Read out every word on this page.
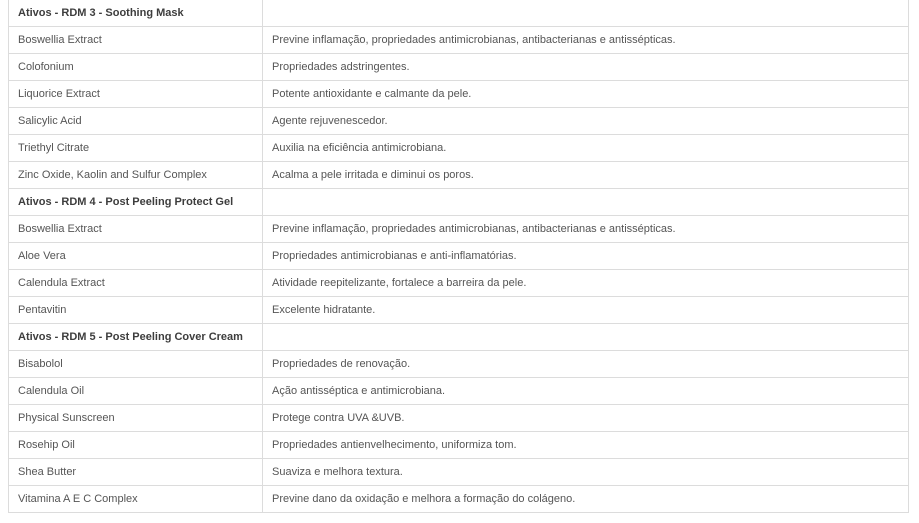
Ativos - RDM 3 - Soothing Mask	
Boswellia Extract	Previne inflamação, propriedades antimicrobianas, antibacterianas e antissépticas.
Colofonium	Propriedades adstringentes.
Liquorice Extract	Potente antioxidante e calmante da pele.
Salicylic Acid	Agente rejuvenescedor.
Triethyl Citrate	Auxilia na eficiência antimicrobiana.
Zinc Oxide, Kaolin and Sulfur Complex	Acalma a pele irritada e diminui os poros.
Ativos - RDM 4 - Post Peeling Protect Gel	
Boswellia Extract	Previne inflamação, propriedades antimicrobianas, antibacterianas e antissépticas.
Aloe Vera	Propriedades antimicrobianas e anti-inflamatórias.
Calendula Extract	Atividade reepitelizante, fortalece a barreira da pele.
Pentavitin	Excelente hidratante.
Ativos - RDM 5 - Post Peeling Cover Cream	
Bisabolol	Propriedades de renovação.
Calendula Oil	Ação antisséptica e antimicrobiana.
Physical Sunscreen	Protege contra UVA &UVB.
Rosehip Oil	Propriedades antienvelhecimento, uniformiza tom.
Shea Butter	Suaviza e melhora textura.
Vitamina A E C Complex	Previne dano da oxidação e melhora a formação do colágeno.
